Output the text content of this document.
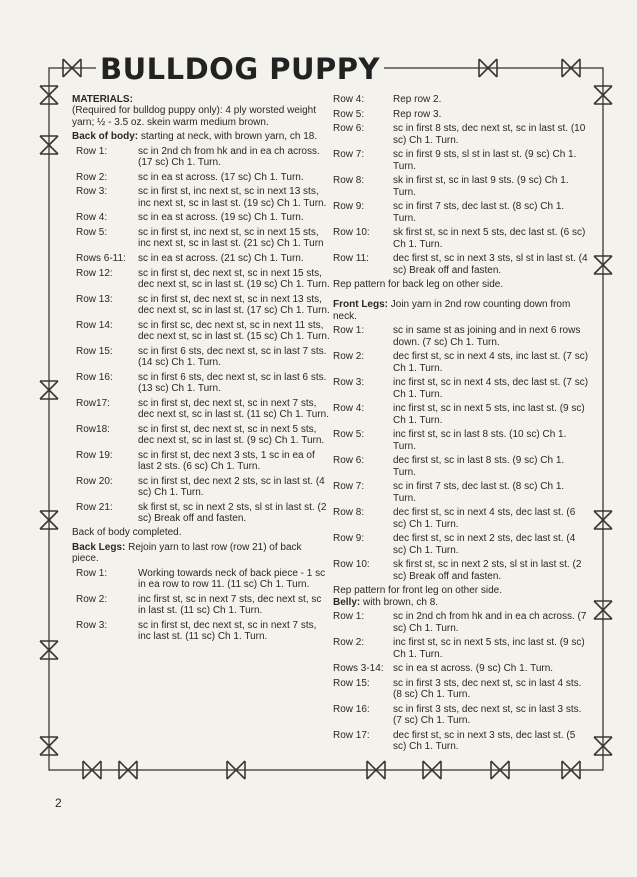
BULLDOG PUPPY

MATERIALS:
(Required for bulldog puppy only): 4 ply worsted weight yarn; ½ - 3.5 oz. skein warm medium brown.

Back of body: starting at neck, with brown yarn, ch 18.

Row 1:	sc in 2nd ch from hk and in ea ch across. (17 sc) Ch 1. Turn.
Row 2:	sc in ea st across. (17 sc) Ch 1. Turn.
Row 3:	sc in first st, inc next st, sc in next 13 sts, inc next st, sc in last st. (19 sc) Ch 1. Turn.
Row 4:	sc in ea st across. (19 sc) Ch 1. Turn.
Row 5:	sc in first st, inc next st, sc in next 15 sts, inc next st, sc in last st. (21 sc) Ch 1. Turn
Rows 6-11:	sc in ea st across. (21 sc) Ch 1. Turn.
Row 12:	sc in first st, dec next st, sc in next 15 sts, dec next st, sc in last st. (19 sc) Ch 1. Turn.
Row 13:	sc in first st, dec next st, sc in next 13 sts, dec next st, sc in last st. (17 sc) Ch 1. Turn.
Row 14:	sc in first sc, dec next st, sc in next 11 sts, dec next st, sc in last st. (15 sc) Ch 1. Turn.
Row 15:	sc in first 6 sts, dec next st, sc in last 7 sts. (14 sc) Ch 1. Turn.
Row 16:	sc in first 6 sts, dec next st, sc in last 6 sts. (13 sc) Ch 1. Turn.
Row17:	sc in first st, dec next st, sc in next 7 sts, dec next st, sc in last st. (11 sc) Ch 1. Turn.
Row18:	sc in first st, dec next st, sc in next 5 sts, dec next st, sc in last st. (9 sc) Ch 1. Turn.
Row 19:	sc in first st, dec next 3 sts, 1 sc in ea of last 2 sts. (6 sc) Ch 1. Turn.
Row 20:	sc in first st, dec next 2 sts, sc in last st. (4 sc) Ch 1. Turn.
Row 21:	sk first st, sc in next 2 sts, sl st in last st. (2 sc) Break off and fasten.

Back of body completed.

Back Legs: Rejoin yarn to last row (row 21) of back piece.

Row 1:	Working towards neck of back piece - 1 sc in ea row to row 11. (11 sc) Ch 1. Turn.
Row 2:	inc first st, sc in next 7 sts, dec next st, sc in last st. (11 sc) Ch 1. Turn.
Row 3:	sc in first st, dec next st, sc in next 7 sts, inc last st. (11 sc) Ch 1. Turn.
Row 4:	Rep row 2.
Row 5:	Rep row 3.
Row 6:	sc in first 8 sts, dec next st, sc in last st. (10 sc) Ch 1. Turn.
Row 7:	sc in first 9 sts, sl st in last st. (9 sc) Ch 1. Turn.
Row 8:	sk in first st, sc in last 9 sts. (9 sc) Ch 1. Turn.
Row 9:	sc in first 7 sts, dec last st. (8 sc) Ch 1. Turn.
Row 10:	sk first st, sc in next 5 sts, dec last st. (6 sc) Ch 1. Turn.
Row 11:	dec first st, sc in next 3 sts, sl st in last st. (4 sc) Break off and fasten.

Rep pattern for back leg on other side.

Front Legs: Join yarn in 2nd row counting down from neck.

Row 1:	sc in same st as joining and in next 6 rows down. (7 sc) Ch 1. Turn.
Row 2:	dec first st, sc in next 4 sts, inc last st. (7 sc) Ch 1. Turn.
Row 3:	inc first st, sc in next 4 sts, dec last st. (7 sc) Ch 1. Turn.
Row 4:	inc first st, sc in next 5 sts, inc last st. (9 sc) Ch 1. Turn.
Row 5:	inc first st, sc in last 8 sts. (10 sc) Ch 1. Turn.
Row 6:	dec first st, sc in last 8 sts. (9 sc) Ch 1. Turn.
Row 7:	sc in first 7 sts, dec last st. (8 sc) Ch 1. Turn.
Row 8:	dec first st, sc in next 4 sts, dec last st. (6 sc) Ch 1. Turn.
Row 9:	dec first st, sc in next 2 sts, dec last st. (4 sc) Ch 1. Turn.
Row 10:	sk first st, sc in next 2 sts, sl st in last st. (2 sc) Break off and fasten.

Rep pattern for front leg on other side.

Belly: with brown, ch 8.

Row 1:	sc in 2nd ch from hk and in ea ch across. (7 sc) Ch 1. Turn.
Row 2:	inc first st, sc in next 5 sts, inc last st. (9 sc) Ch 1. Turn.
Rows 3-14: sc in ea st across. (9 sc) Ch 1. Turn.
Row 15:	sc in first 3 sts, dec next st, sc in last 4 sts. (8 sc) Ch 1. Turn.
Row 16:	sc in first 3 sts, dec next st, sc in last 3 sts. (7 sc) Ch 1. Turn.
Row 17:	dec first st, sc in next 3 sts, dec last st. (5 sc) Ch 1. Turn.
2
